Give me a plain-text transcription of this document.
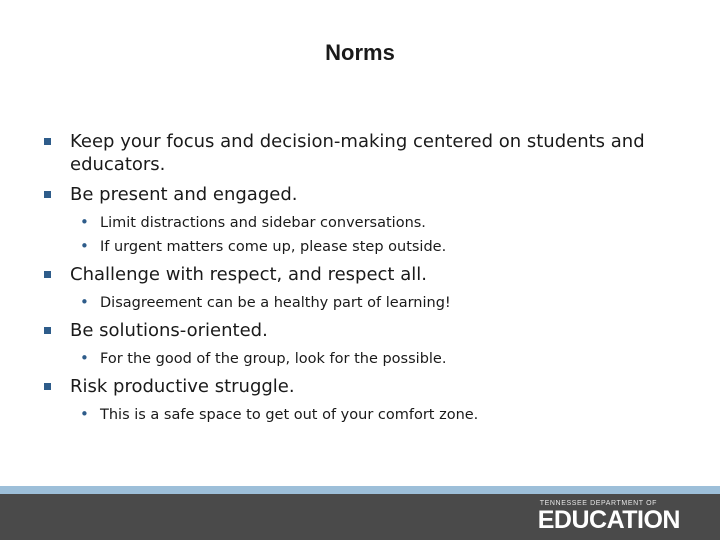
Norms
Keep your focus and decision-making centered on students and educators.
Be present and engaged.
• Limit distractions and sidebar conversations.
• If urgent matters come up, please step outside.
Challenge with respect, and respect all.
• Disagreement can be a healthy part of learning!
Be solutions-oriented.
• For the good of the group, look for the possible.
Risk productive struggle.
• This is a safe space to get out of your comfort zone.
TENNESSEE DEPARTMENT OF
EDUCATION
